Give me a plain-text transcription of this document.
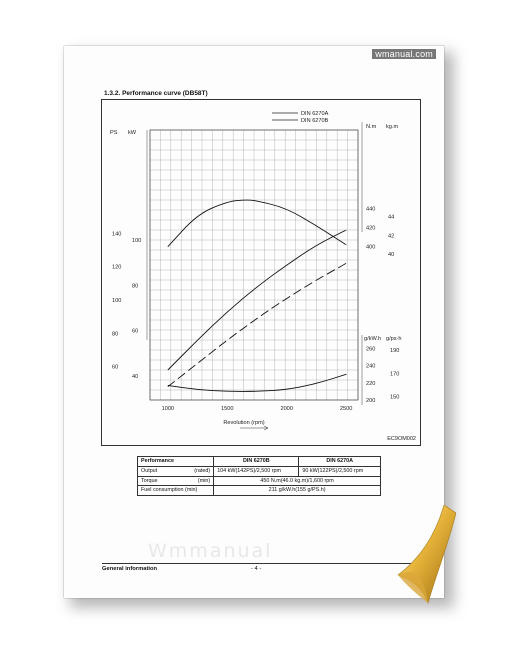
wmanual.com
1.3.2. Performance curve (DB58T)
DIN 6270A
DIN 6270B
PS kW
140
120
100
80
60
100
80
60
40
N.m kg.m
440
420
400
44
42
40
g/kW.h g/ps·h
260
240
220
200
190
170
150
1000	1500	2000	2500
Revolution (rpm)
EC9OM002
Performance	DIN 6270B	DIN 6270A
Output (rated)	104 kW(142PS)/2,500 rpm	90 kW(122PS)/2,500 rpm
Torque (min)	450 N.m(46.0 kg.m)/1,600 rpm	
Fuel consumption (min)	211 g/kW.h(155 g/PS.h)	
Wmmanual
General information	- 4 -
